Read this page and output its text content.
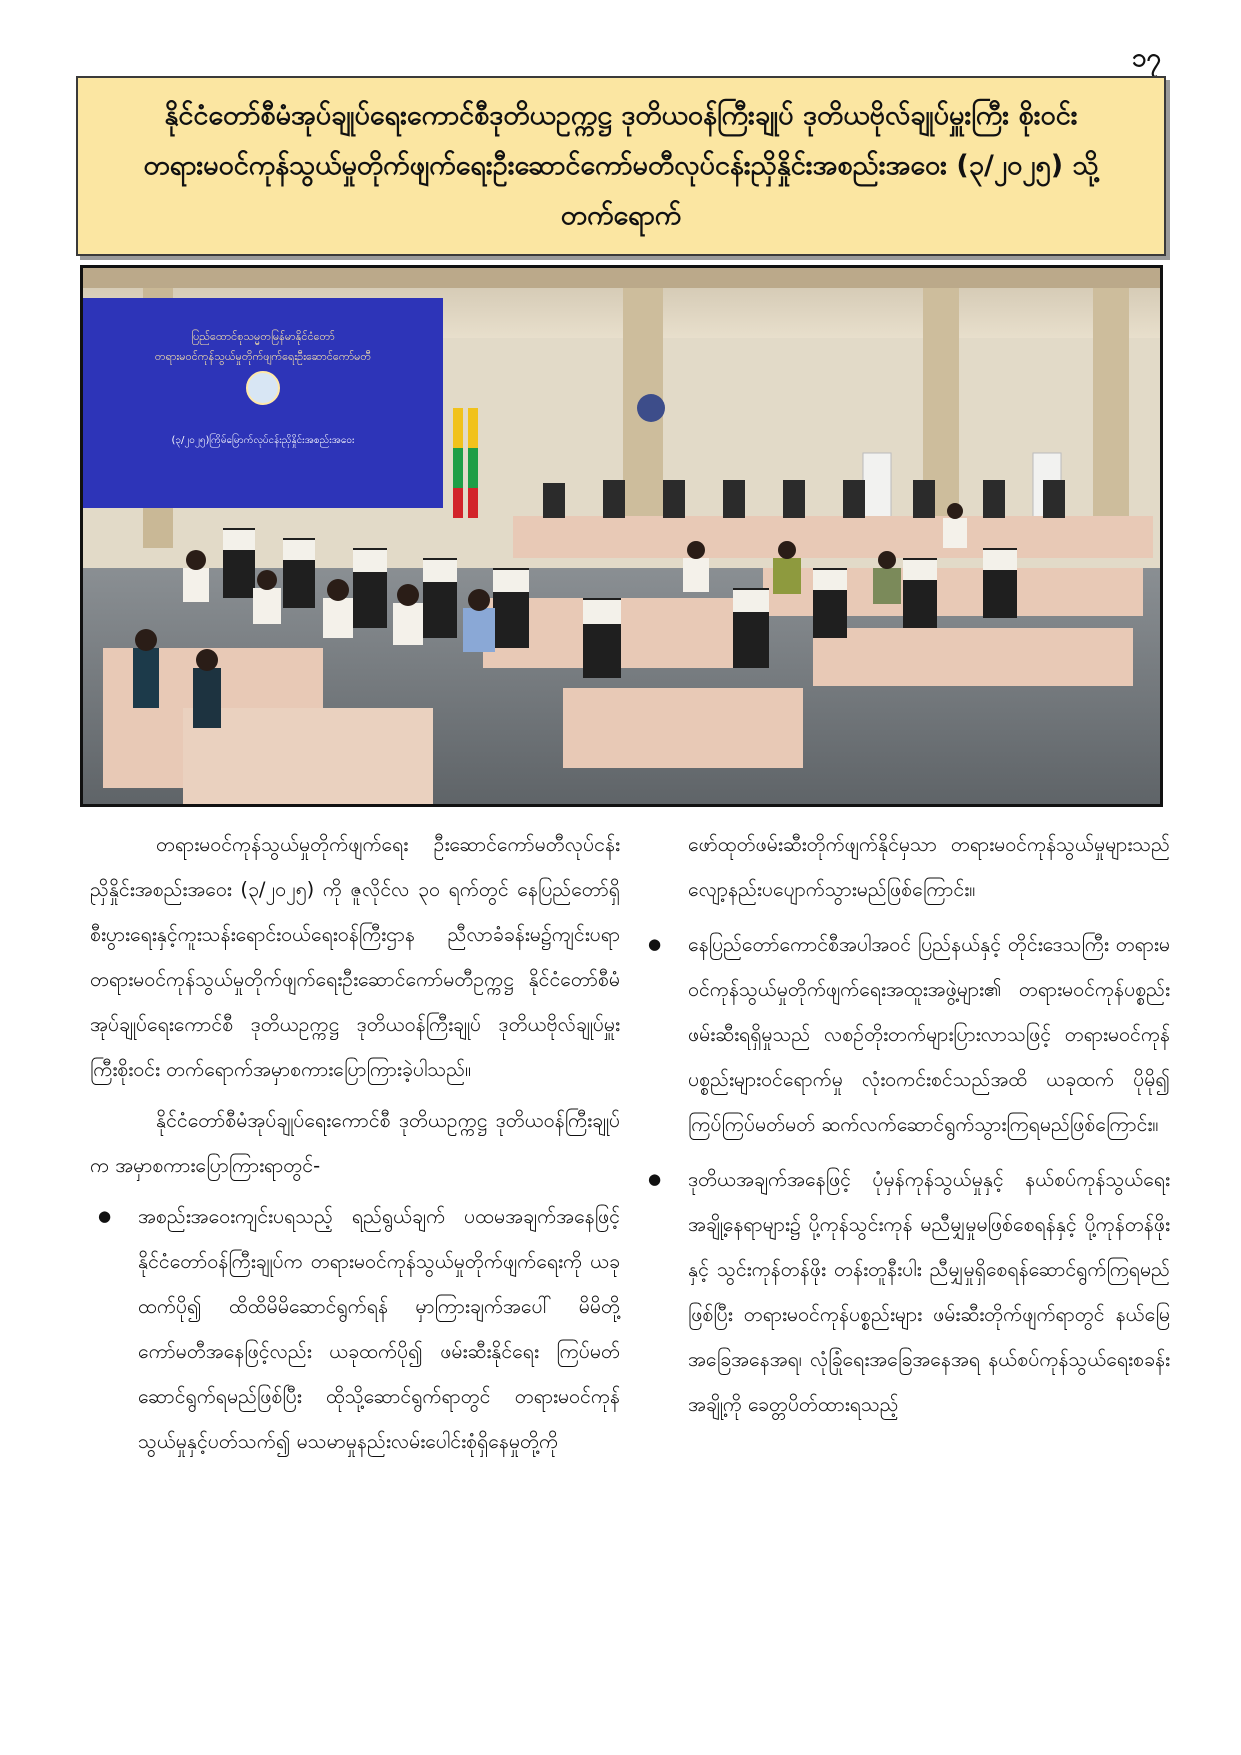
၁၇
နိုင်ငံတော်စီမံအုပ်ချုပ်ရေးကောင်စီဒုတိယဥက္ကဋ္ဌ ဒုတိယဝန်ကြီးချုပ် ဒုတိယဗိုလ်ချုပ်မှူးကြီး စိုးဝင်း
တရားမဝင်ကုန်သွယ်မှုတိုက်ဖျက်ရေးဦးဆောင်ကော်မတီလုပ်ငန်းညှိနှိုင်းအစည်းအဝေး (၃/၂၀၂၅) သို့
တက်ရောက်
ပြည်ထောင်စုသမ္မတမြန်မာနိုင်ငံတော်
တရားမဝင်ကုန်သွယ်မှုတိုက်ဖျက်ရေးဦးဆောင်ကော်မတီ
(၃/၂၀၂၅)ကြိမ်မြောက်လုပ်ငန်းညှိနှိုင်းအစည်းအဝေး

တရားမဝင်ကုန်သွယ်မှုတိုက်ဖျက်ရေး ဦးဆောင်ကော်မတီလုပ်ငန်းညှိနှိုင်းအစည်းအဝေး (၃/၂၀၂၅) ကို ဇူလိုင်လ ၃၀ ရက်တွင် နေပြည်တော်ရှိ စီးပွားရေးနှင့်ကူးသန်းရောင်းဝယ်ရေးဝန်ကြီးဌာန ညီလာခံခန်းမ၌ကျင်းပရာ တရားမဝင်ကုန်သွယ်မှုတိုက်ဖျက်ရေးဦးဆောင်ကော်မတီဥက္ကဋ္ဌ နိုင်ငံတော်စီမံအုပ်ချုပ်ရေးကောင်စီ ဒုတိယဥက္ကဋ္ဌ ဒုတိယဝန်ကြီးချုပ် ဒုတိယဗိုလ်ချုပ်မှူးကြီးစိုးဝင်း တက်ရောက်အမှာစကားပြောကြားခဲ့ပါသည်။

နိုင်ငံတော်စီမံအုပ်ချုပ်ရေးကောင်စီ ဒုတိယဥက္ကဋ္ဌ ဒုတိယဝန်ကြီးချုပ်က အမှာစကားပြောကြားရာတွင်-

● အစည်းအဝေးကျင်းပရသည့် ရည်ရွယ်ချက် ပထမအချက်အနေဖြင့် နိုင်ငံတော်ဝန်ကြီးချုပ်က တရားမဝင်ကုန်သွယ်မှုတိုက်ဖျက်ရေးကို ယခုထက်ပို၍ ထိထိမိမိဆောင်ရွက်ရန် မှာကြားချက်အပေါ် မိမိတို့ကော်မတီအနေဖြင့်လည်း ယခုထက်ပို၍ ဖမ်းဆီးနိုင်ရေး ကြပ်မတ်ဆောင်ရွက်ရမည်ဖြစ်ပြီး ထိုသို့ဆောင်ရွက်ရာတွင် တရားမဝင်ကုန်သွယ်မှုနှင့်ပတ်သက်၍ မသမာမှုနည်းလမ်းပေါင်းစုံရှိနေမှုတို့ကို

ဖော်ထုတ်ဖမ်းဆီးတိုက်ဖျက်နိုင်မှသာ တရားမဝင်ကုန်သွယ်မှုများသည် လျော့နည်းပပျောက်သွားမည်ဖြစ်ကြောင်း။

● နေပြည်တော်ကောင်စီအပါအဝင် ပြည်နယ်နှင့် တိုင်းဒေသကြီး တရားမဝင်ကုန်သွယ်မှုတိုက်ဖျက်ရေးအထူးအဖွဲ့များ၏ တရားမဝင်ကုန်ပစ္စည်း ဖမ်းဆီးရရှိမှုသည် လစဉ်တိုးတက်များပြားလာသဖြင့် တရားမဝင်ကုန်ပစ္စည်းများဝင်ရောက်မှု လုံးဝကင်းစင်သည်အထိ ယခုထက် ပိုမို၍ ကြပ်ကြပ်မတ်မတ် ဆက်လက်ဆောင်ရွက်သွားကြရမည်ဖြစ်ကြောင်း။

● ဒုတိယအချက်အနေဖြင့် ပုံမှန်ကုန်သွယ်မှုနှင့် နယ်စပ်ကုန်သွယ်ရေးအချို့နေရာများ၌ ပို့ကုန်သွင်းကုန် မညီမျှမှုမဖြစ်စေရန်နှင့် ပို့ကုန်တန်ဖိုးနှင့် သွင်းကုန်တန်ဖိုး တန်းတူနီးပါး ညီမျှမှုရှိစေရန်ဆောင်ရွက်ကြရမည်ဖြစ်ပြီး တရားမဝင်ကုန်ပစ္စည်းများ ဖမ်းဆီးတိုက်ဖျက်ရာတွင် နယ်မြေအခြေအနေအရ၊ လုံခြုံရေးအခြေအနေအရ နယ်စပ်ကုန်သွယ်ရေးစခန်းအချို့ကို ခေတ္တပိတ်ထားရသည့်
